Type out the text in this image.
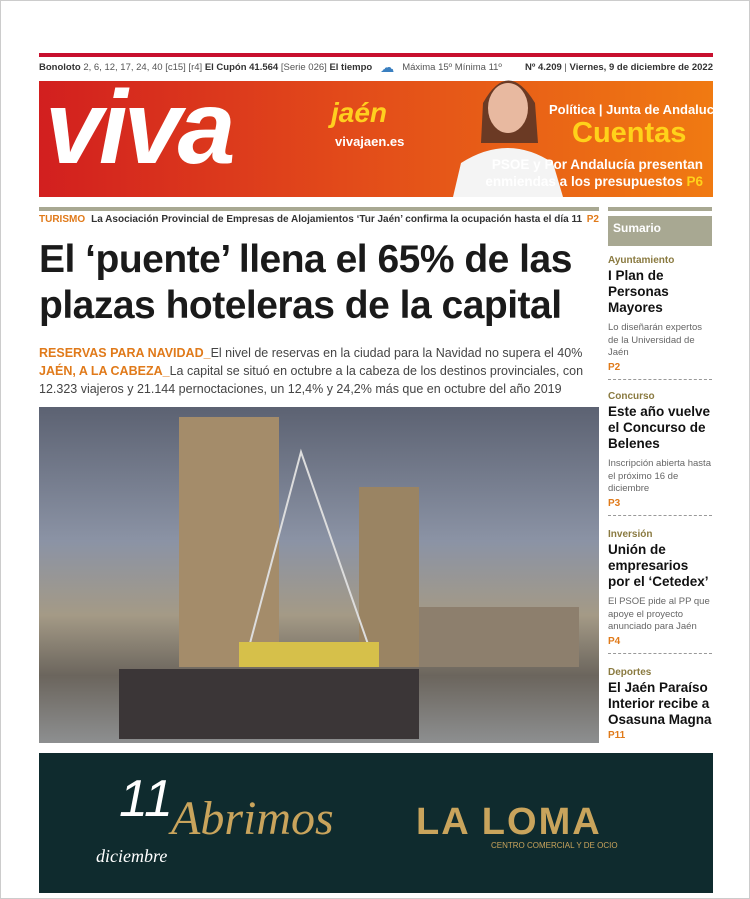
Bonoloto
2, 6, 12, 17, 24, 40 [c15] [r4]
El Cupón 41.564
[Serie 026]
El tiempo ☁ Máxima 15º
Mínima 11º Nº 4.209 | Viernes, 9 de diciembre de 2022
viva	jaén
vivajaen.es
Política | Junta de Andalucía
Cuentas
PSOE y Por Andalucía presentan enmiendas a los presupuestos P6
TURISMO La Asociación Provincial de Empresas de Alojamientos ‘Tur Jaén’ confirma la ocupación hasta el día 11 P2
El ‘puente’ llena el 65% de las plazas hoteleras de la capital
RESERVAS PARA NAVIDAD_El nivel de reservas en la ciudad para la Navidad no supera el 40%
JAÉN, A LA CABEZA_La capital se situó en octubre a la cabeza de los destinos provinciales, con 12.323 viajeros y 21.144 pernoctaciones, un 12,4% y 24,2% más que en octubre del año 2019
Sumario
Ayuntamiento
I Plan de Personas Mayores
Lo diseñarán expertos de la Universidad de Jaén
P2
Concurso
Este año vuelve el Concurso de Belenes
Inscripción abierta hasta el próximo 16 de diciembre
P3
Inversión
Unión de empresarios por el ‘Cetedex’
El PSOE pide al PP que apoye el proyecto anunciado para Jaén
P4
Deportes
El Jaén Paraíso Interior recibe a Osasuna Magna
P11
11
diciembre
Abrimos LA LOMA
CENTRO COMERCIAL Y DE OCIO
